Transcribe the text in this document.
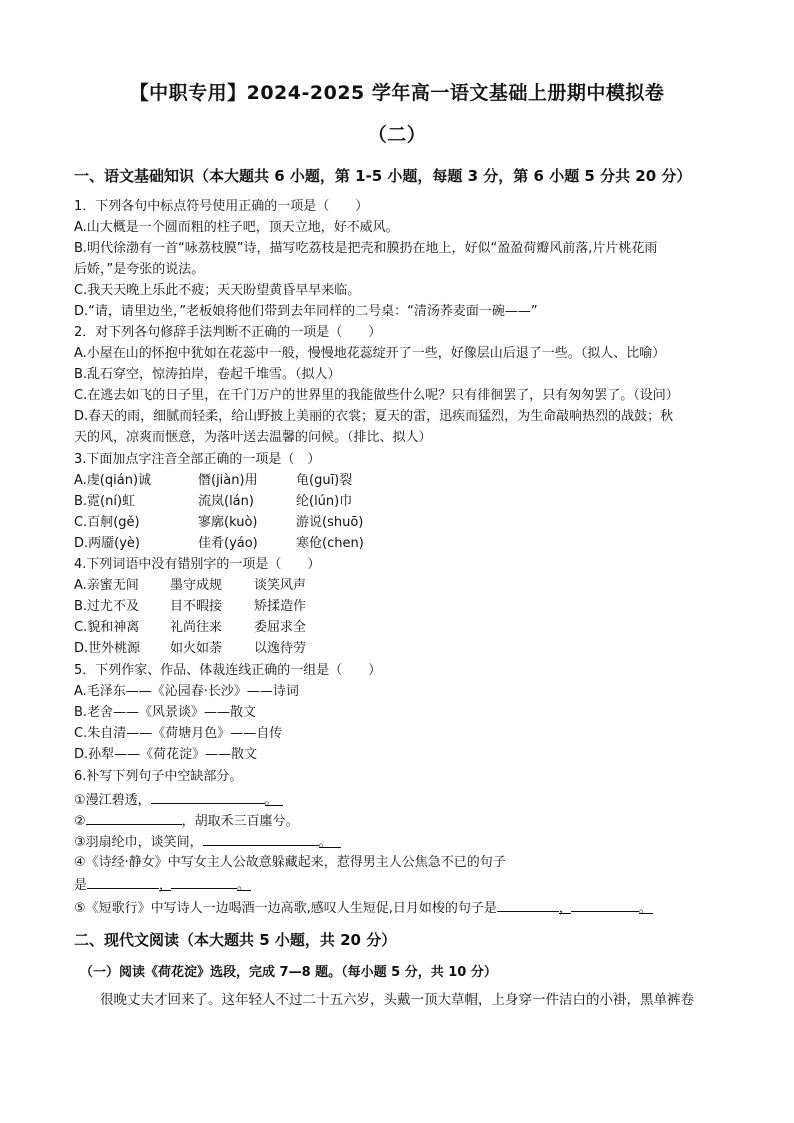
【中职专用】2024-2025 学年高一语文基础上册期中模拟卷
（二）
一、语文基础知识（本大题共 6 小题，第 1-5 小题，每题 3 分，第 6 小题 5 分共 20 分）
1．下列各句中标点符号使用正确的一项是（　　）
A.山大概是一个圆而粗的柱子吧，顶天立地，好不威风。
B.明代徐渤有一首“咏荔枝膜”诗，描写吃荔枝是把壳和膜扔在地上，好似“盈盈荷瓣风前落,片片桃花雨
后娇，”是夸张的说法。
C.我天天晚上乐此不疲；天天盼望黄昏早早来临。
D.“请，请里边坐，”老板娘将他们带到去年同样的二号桌：“清汤荞麦面一碗——”
2．对下列各句修辞手法判断不正确的一项是（　　）
A.小屋在山的怀抱中犹如在花蕊中一般，慢慢地花蕊绽开了一些，好像层山后退了一些。（拟人、比喻）
B.乱石穿空，惊涛拍岸，卷起千堆雪。（拟人）
C.在逃去如飞的日子里，在千门万户的世界里的我能做些什么呢？只有徘徊罢了，只有匆匆罢了。（设问）
D.春天的雨，细腻而轻柔，给山野披上美丽的衣裳；夏天的雷，迅疾而猛烈，为生命敲响热烈的战鼓；秋
天的风，凉爽而惬意，为落叶送去温馨的问候。（排比、拟人）
3.下面加点字注音全部正确的一项是（　）
A.虔(qián)诚	僭(jiàn)用	龟(guī)裂
B.霓(ní)虹	流岚(lán)	纶(lún)巾
C.百舸(gě)	寥廓(kuò)	游说(shuō)
D.两靥(yè)	佳肴(yáo)	寒伧(chen)
4.下列词语中没有错别字的一项是（　　）
A.亲蜜无间 墨守成规 谈笑风声
B.过尤不及 目不暇接 矫揉造作
C.貌和神离 礼尚往来 委屈求全
D.世外桃源 如火如荼 以逸待劳
5．下列作家、作品、体裁连线正确的一组是（　　）
A.毛泽东——《沁园春·长沙》——诗词
B.老舍——《风景谈》——散文
C.朱自清——《荷塘月色》——自传
D.孙犁——《荷花淀》——散文
6.补写下列句子中空缺部分。
①漫江碧透，	。
②	，胡取禾三百廛兮。
③羽扇纶巾，谈笑间，	。
④《诗经·静女》中写女主人公故意躲藏起来，惹得男主人公焦急不已的句子
是	，	。
⑤《短歌行》中写诗人一边喝酒一边高歌,感叹人生短促,日月如梭的句子是	，	。
二、现代文阅读（本大题共 5 小题，共 20 分）
（一）阅读《荷花淀》选段，完成 7—8 题。（每小题 5 分，共 10 分）
很晚丈夫才回来了。这年轻人不过二十五六岁，头戴一顶大草帽，上身穿一件洁白的小褂，黑单裤卷
